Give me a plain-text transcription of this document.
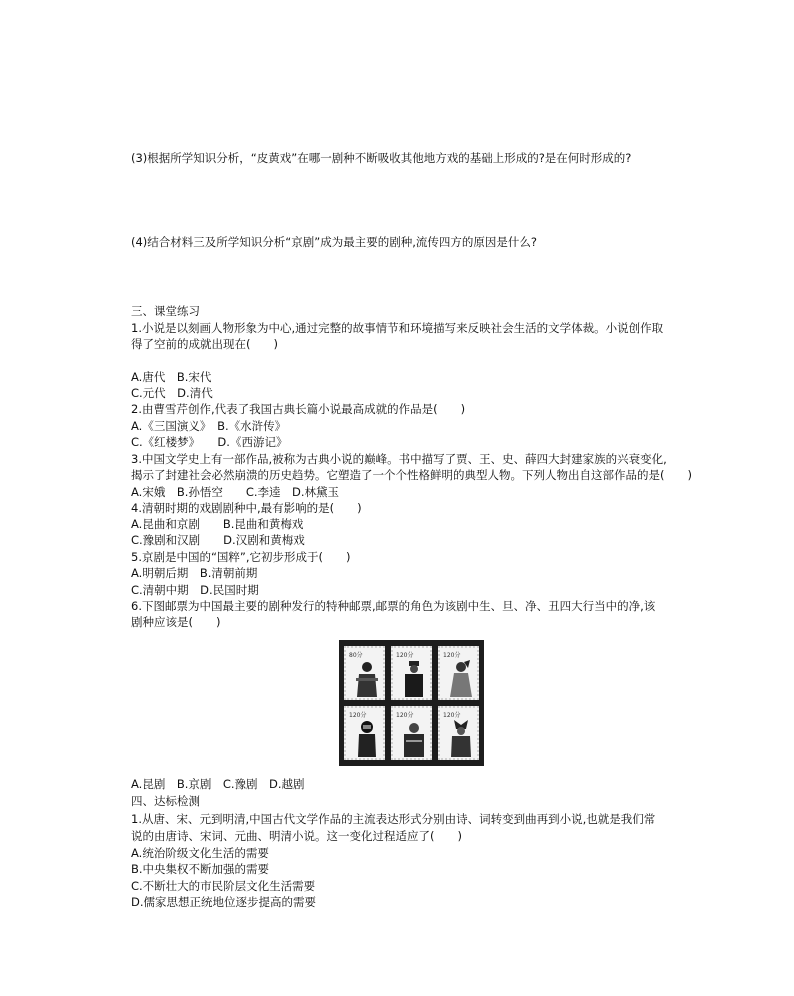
(3)根据所学知识分析，“皮黄戏”在哪一剧种不断吸收其他地方戏的基础上形成的?是在何时形成的?
(4)结合材料三及所学知识分析“京剧”成为最主要的剧种,流传四方的原因是什么?
三、课堂练习
1.小说是以刻画人物形象为中心,通过完整的故事情节和环境描写来反映社会生活的文学体裁。小说创作取
得了空前的成就出现在(　　)
A.唐代　B.宋代
C.元代　D.清代
2.由曹雪芹创作,代表了我国古典长篇小说最高成就的作品是(　　)
A.《三国演义》　B.《水浒传》
C.《红楼梦》　　D.《西游记》
3.中国文学史上有一部作品,被称为古典小说的巅峰。书中描写了贾、王、史、薛四大封建家族的兴衰变化,
揭示了封建社会必然崩溃的历史趋势。它塑造了一个个性格鲜明的典型人物。下列人物出自这部作品的是(　　)
A.宋娥　B.孙悟空　　C.李逵　D.林黛玉
4.清朝时期的戏剧剧种中,最有影响的是(　　)
A.昆曲和京剧　　B.昆曲和黄梅戏
C.豫剧和汉剧　　D.汉剧和黄梅戏
5.京剧是中国的“国粹”,它初步形成于(　　)
A.明朝后期　B.清朝前期
C.清朝中期　D.民国时期
6.下图邮票为中国最主要的剧种发行的特种邮票,邮票的角色为该剧中生、旦、净、丑四大行当中的净,该
剧种应该是(　　)
80分	120分	120分
120分	120分	120分
A.昆剧　B.京剧　C.豫剧　D.越剧
四、达标检测
1.从唐、宋、元到明清,中国古代文学作品的主流表达形式分别由诗、词转变到曲再到小说,也就是我们常
说的由唐诗、宋词、元曲、明清小说。这一变化过程适应了(　　)
A.统治阶级文化生活的需要
B.中央集权不断加强的需要
C.不断壮大的市民阶层文化生活需要
D.儒家思想正统地位逐步提高的需要
